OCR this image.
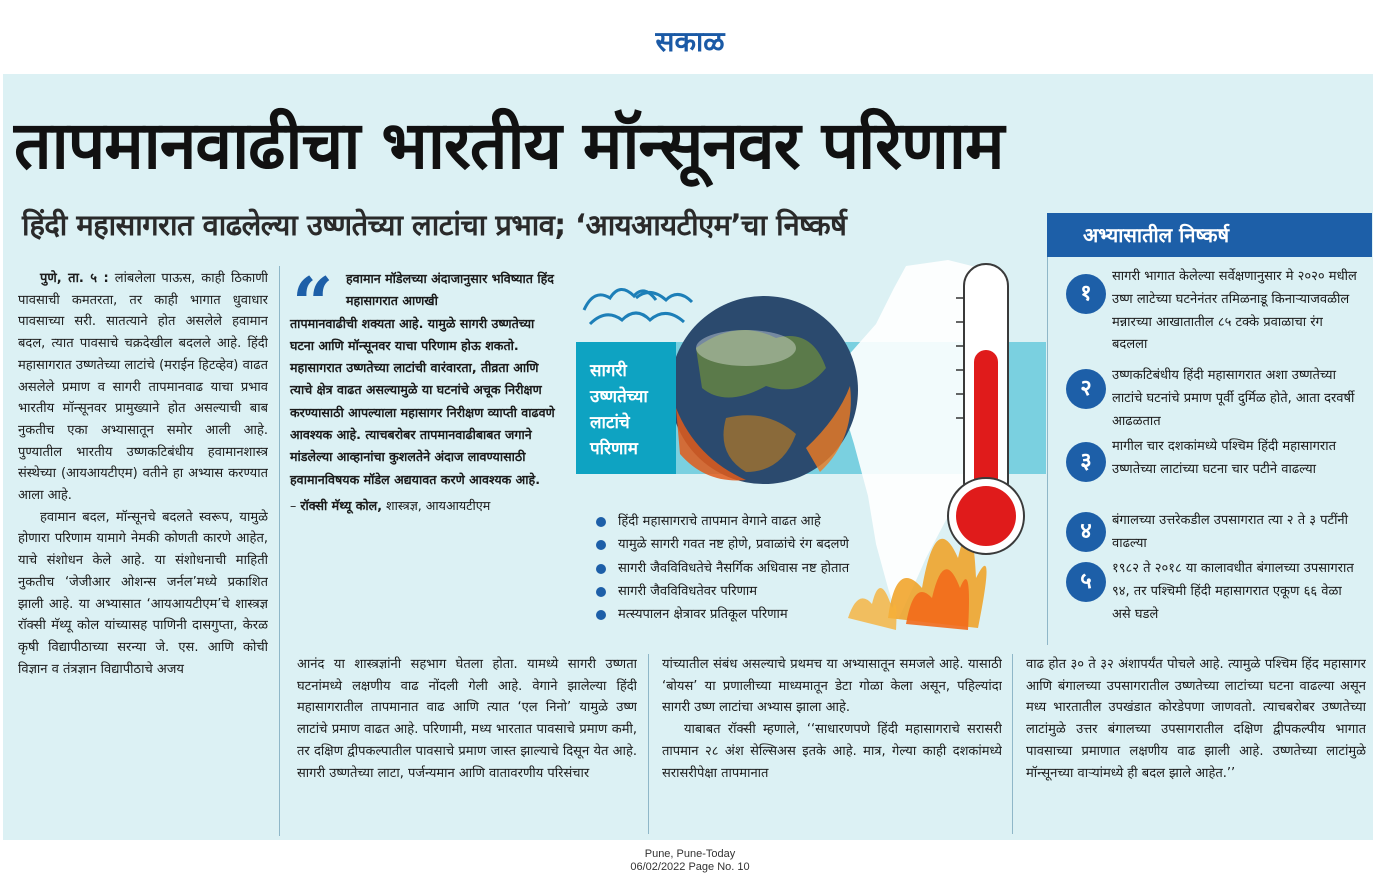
सकाळ
तापमानवाढीचा भारतीय मॉन्सूनवर परिणाम
हिंदी महासागरात वाढलेल्या उष्णतेच्या लाटांचा प्रभाव; ‘आयआयटीएम’चा निष्कर्ष	अभ्यासातील निष्कर्ष

पुणे, ता. ५ : लांबलेला पाऊस, काही ठिकाणी पावसाची कमतरता, तर काही भागात धुवाधार पावसाच्या सरी. सातत्याने होत असलेले हवामान बदल, त्यात पावसाचे चक्रदेखील बदलले आहे. हिंदी महासागरात उष्णतेच्या लाटांचे (मराईन हिटव्हेव) वाढत असलेले प्रमाण व सागरी तापमानवाढ याचा प्रभाव भारतीय मॉन्सूनवर प्रामुख्याने होत असल्याची बाब नुकतीच एका अभ्यासातून समोर आली आहे. पुण्यातील भारतीय उष्णकटिबंधीय हवामानशास्त्र संस्थेच्या (आयआयटीएम) वतीने हा अभ्यास करण्यात आला आहे.

हवामान बदल, मॉन्सूनचे बदलते स्वरूप, यामुळे होणारा परिणाम यामागे नेमकी कोणती कारणे आहेत, याचे संशोधन केले आहे. या संशोधनाची माहिती नुकतीच ‘जेजीआर ओशन्स जर्नल’मध्ये प्रकाशित झाली आहे. या अभ्यासात ‘आयआयटीएम’चे शास्त्रज्ञ रॉक्सी मॅथ्यू कोल यांच्यासह पाणिनी दासगुप्ता, केरळ कृषी विद्यापीठाच्या सरन्या जे. एस. आणि कोची विज्ञान व तंत्रज्ञान विद्यापीठाचे अजय

“ हवामान मॉडेलच्या अंदाजानुसार भविष्यात हिंद महासागरात आणखी
तापमानवाढीची शक्यता आहे. यामुळे सागरी उष्णतेच्या घटना आणि मॉन्सूनवर याचा परिणाम होऊ शकतो. महासागरात उष्णतेच्या लाटांची वारंवारता, तीव्रता आणि त्याचे क्षेत्र वाढत असल्यामुळे या घटनांचे अचूक निरीक्षण करण्यासाठी आपल्याला महासागर निरीक्षण व्याप्ती वाढवणे आवश्यक आहे. त्याचबरोबर तापमानवाढीबाबत जगाने मांडलेल्या आव्हानांचा कुशलतेने अंदाज लावण्यासाठी हवामानविषयक मॉडेल अद्ययावत करणे आवश्यक आहे.
– रॉक्सी मॅथ्यू कोल, शास्त्रज्ञ, आयआयटीएम
सागरी उष्णतेच्या लाटांचे परिणाम
हिंदी महासागराचे तापमान वेगाने वाढत आहे
यामुळे सागरी गवत नष्ट होणे, प्रवाळांचे रंग बदलणे
सागरी जैवविविधतेचे नैसर्गिक अधिवास नष्ट होतात
सागरी जैवविविधतेवर परिणाम
मत्स्यपालन क्षेत्रावर प्रतिकूल परिणाम
१
सागरी भागात केलेल्या सर्वेक्षणानुसार मे २०२० मधील उष्ण लाटेच्या घटनेनंतर तमिळनाडू किनाऱ्याजवळील मन्नारच्या आखातातील ८५ टक्के प्रवाळाचा रंग बदलला
२
उष्णकटिबंधीय हिंदी महासागरात अशा उष्णतेच्या लाटांचे घटनांचे प्रमाण पूर्वी दुर्मिळ होते, आता दरवर्षी आढळतात
३
मागील चार दशकांमध्ये पश्चिम हिंदी महासागरात उष्णतेच्या लाटांच्या घटना चार पटीने वाढल्या
४	बंगालच्या उत्तरेकडील उपसागरात त्या २ ते ३ पटींनी वाढल्या
५
१९८२ ते २०१८ या कालावधीत बंगालच्या उपसागरात ९४, तर पश्चिमी हिंदी महासागरात एकूण ६६ वेळा असे घडले

आनंद या शास्त्रज्ञांनी सहभाग घेतला होता. यामध्ये सागरी उष्णता घटनांमध्ये लक्षणीय वाढ नोंदली गेली आहे. वेगाने झालेल्या हिंदी महासागरातील तापमानात वाढ आणि त्यात ‘एल निनो’ यामुळे उष्ण लाटांचे प्रमाण वाढत आहे. परिणामी, मध्य भारतात पावसाचे प्रमाण कमी, तर दक्षिण द्वीपकल्पातील पावसाचे प्रमाण जास्त झाल्याचे दिसून येत आहे. सागरी उष्णतेच्या लाटा, पर्जन्यमान आणि वातावरणीय परिसंचार

यांच्यातील संबंध असल्याचे प्रथमच या अभ्यासातून समजले आहे. यासाठी ‘बोयस’ या प्रणालीच्या माध्यमातून डेटा गोळा केला असून, पहिल्यांदा सागरी उष्ण लाटांचा अभ्यास झाला आहे.

याबाबत रॉक्सी म्हणाले, ‘‘साधारणपणे हिंदी महासागराचे सरासरी तापमान २८ अंश सेल्सिअस इतके आहे. मात्र, गेल्या काही दशकांमध्ये सरासरीपेक्षा तापमानात

वाढ होत ३० ते ३२ अंशापर्यंत पोचले आहे. त्यामुळे पश्चिम हिंद महासागर आणि बंगालच्या उपसागरातील उष्णतेच्या लाटांच्या घटना वाढल्या असून मध्य भारतातील उपखंडात कोरडेपणा जाणवतो. त्याचबरोबर उष्णतेच्या लाटांमुळे उत्तर बंगालच्या उपसागरातील दक्षिण द्वीपकल्पीय भागात पावसाच्या प्रमाणात लक्षणीय वाढ झाली आहे. उष्णतेच्या लाटांमुळे मॉन्सूनच्या वाऱ्यांमध्ये ही बदल झाले आहेत.’’

Pune, Pune-Today
06/02/2022 Page No. 10
